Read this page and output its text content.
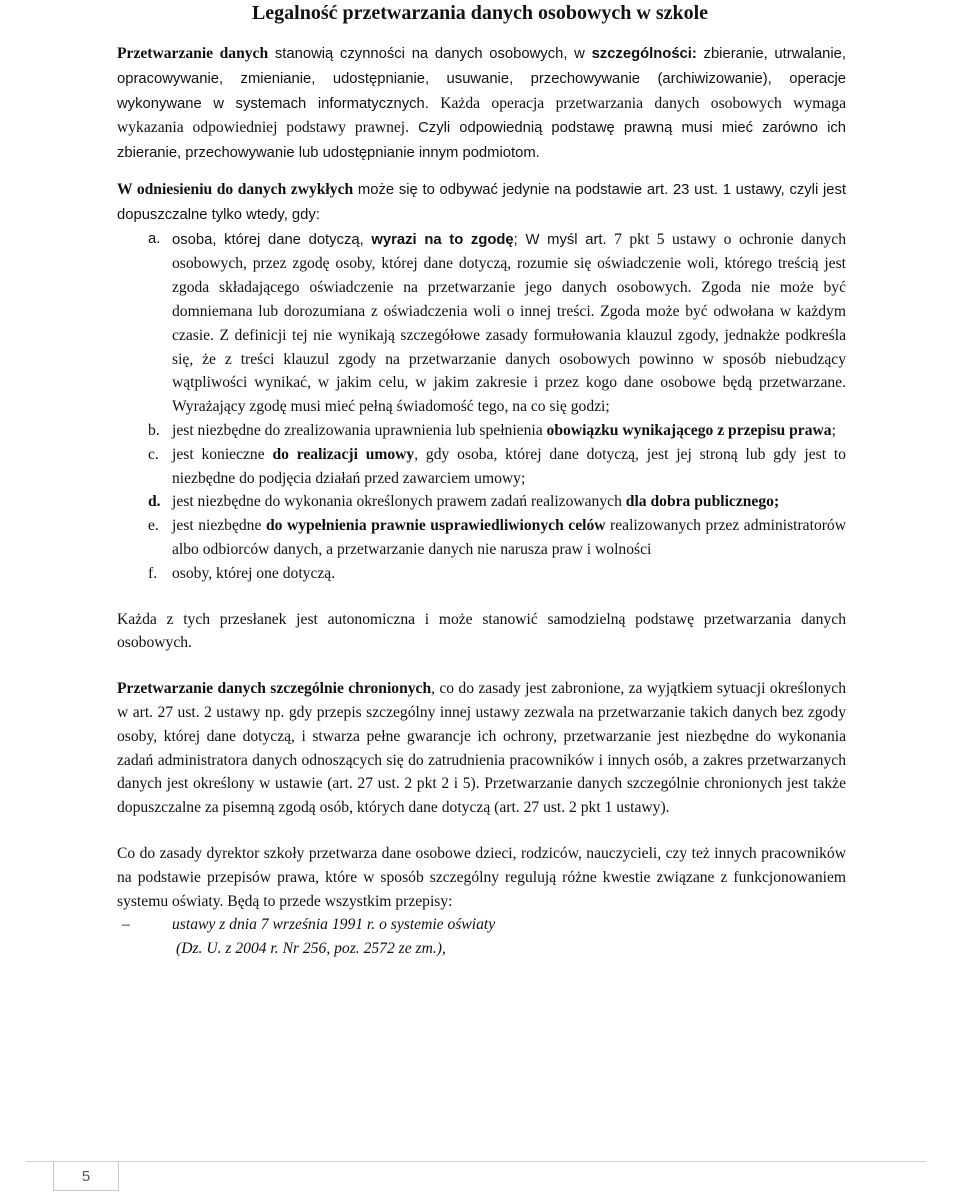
Legalność przetwarzania danych osobowych w szkole

Przetwarzanie danych stanowią czynności na danych osobowych, w szczególności: zbieranie, utrwalanie, opracowywanie, zmienianie, udostępnianie, usuwanie, przechowywanie (archiwizowanie), operacje wykonywane w systemach informatycznych. Każda operacja przetwarzania danych osobowych wymaga wykazania odpowiedniej podstawy prawnej. Czyli odpowiednią podstawę prawną musi mieć zarówno ich zbieranie, przechowywanie lub udostępnianie innym podmiotom.

W odniesieniu do danych zwykłych może się to odbywać jedynie na podstawie art. 23 ust. 1 ustawy, czyli jest dopuszczalne tylko wtedy, gdy:

a. osoba, której dane dotyczą, wyrazi na to zgodę; W myśl art. 7 pkt 5 ustawy o ochronie danych osobowych, przez zgodę osoby, której dane dotyczą, rozumie się oświadczenie woli, którego treścią jest zgoda składającego oświadczenie na przetwarzanie jego danych osobowych. Zgoda nie może być domniemana lub dorozumiana z oświadczenia woli o innej treści. Zgoda może być odwołana w każdym czasie. Z definicji tej nie wynikają szczegółowe zasady formułowania klauzul zgody, jednakże podkreśla się, że z treści klauzul zgody na przetwarzanie danych osobowych powinno w sposób niebudzący wątpliwości wynikać, w jakim celu, w jakim zakresie i przez kogo dane osobowe będą przetwarzane. Wyrażający zgodę musi mieć pełną świadomość tego, na co się godzi;
b. jest niezbędne do zrealizowania uprawnienia lub spełnienia obowiązku wynikającego z przepisu prawa;
c. jest konieczne do realizacji umowy, gdy osoba, której dane dotyczą, jest jej stroną lub gdy jest to niezbędne do podjęcia działań przed zawarciem umowy;
d. jest niezbędne do wykonania określonych prawem zadań realizowanych dla dobra publicznego;
e. jest niezbędne do wypełnienia prawnie usprawiedliwionych celów realizowanych przez administratorów albo odbiorców danych, a przetwarzanie danych nie narusza praw i wolności
f. osoby, której one dotyczą.

Każda z tych przesłanek jest autonomiczna i może stanowić samodzielną podstawę przetwarzania danych osobowych.

Przetwarzanie danych szczególnie chronionych, co do zasady jest zabronione, za wyjątkiem sytuacji określonych w art. 27 ust. 2 ustawy np. gdy przepis szczególny innej ustawy zezwala na przetwarzanie takich danych bez zgody osoby, której dane dotyczą, i stwarza pełne gwarancje ich ochrony, przetwarzanie jest niezbędne do wykonania zadań administratora danych odnoszących się do zatrudnienia pracowników i innych osób, a zakres przetwarzanych danych jest określony w ustawie (art. 27 ust. 2 pkt 2 i 5). Przetwarzanie danych szczególnie chronionych jest także dopuszczalne za pisemną zgodą osób, których dane dotyczą (art. 27 ust. 2 pkt 1 ustawy).

Co do zasady dyrektor szkoły przetwarza dane osobowe dzieci, rodziców, nauczycieli, czy też innych pracowników na podstawie przepisów prawa, które w sposób szczególny regulują różne kwestie związane z funkcjonowaniem systemu oświaty. Będą to przede wszystkim przepisy:

–	ustawy z dnia 7 września 1991 r. o systemie oświaty
(Dz. U. z 2004 r. Nr 256, poz. 2572 ze zm.),
5
